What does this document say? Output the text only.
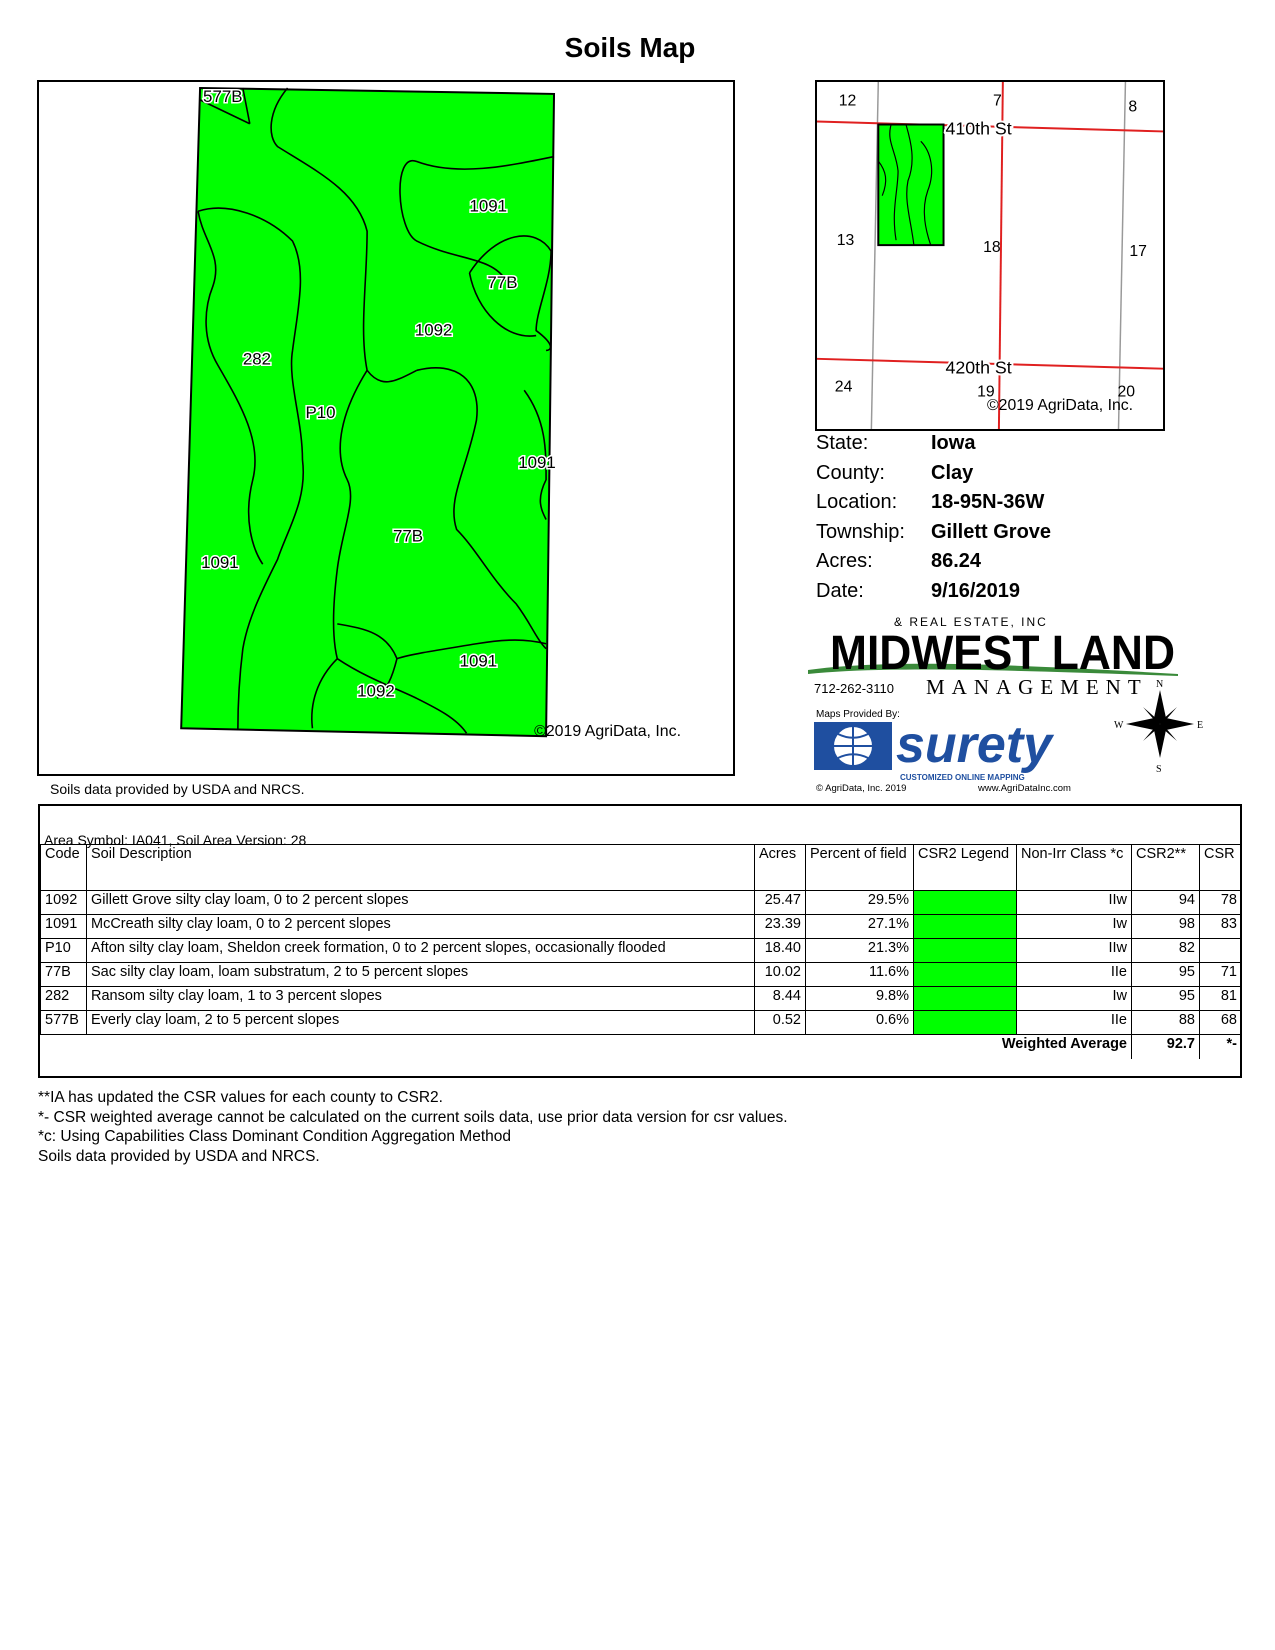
Soils Map
577B
1091
77B
1092
282
P10
1091
77B
1091
1091
1092
©2019 AgriData, Inc.
Soils data provided by USDA and NRCS.
12	7	8
13	18	17
24	19	20
410th St
420th St
©2019 AgriData, Inc.
State:	Iowa
County:	Clay
Location:	18-95N-36W
Township:	Gillett Grove
Acres:	86.24
Date:	9/16/2019
& REAL ESTATE, INC
MIDWEST LAND
712-262-3110 MANAGEMENT
Maps Provided By:
surety
CUSTOMIZED ONLINE MAPPING
© AgriData, Inc. 2019	www.AgriDataInc.com
N
S
W	E
Area Symbol: IA041, Soil Area Version: 28
Code	Soil Description	Acres	Percent of field	CSR2 Legend	Non-Irr Class *c	CSR2**	CSR
1092	Gillett Grove silty clay loam, 0 to 2 percent slopes	25.47	29.5%		IIw	94	78
1091	McCreath silty clay loam, 0 to 2 percent slopes	23.39	27.1%		Iw	98	83
P10	Afton silty clay loam, Sheldon creek formation, 0 to 2 percent slopes, occasionally flooded	18.40	21.3%		IIw	82	
77B	Sac silty clay loam, loam substratum, 2 to 5 percent slopes	10.02	11.6%		IIe	95	71
282	Ransom silty clay loam, 1 to 3 percent slopes	8.44	9.8%		Iw	95	81
577B	Everly clay loam, 2 to 5 percent slopes	0.52	0.6%		IIe	88	68
Weighted Average						92.7	*-
**IA has updated the CSR values for each county to CSR2.
*- CSR weighted average cannot be calculated on the current soils data, use prior data version for csr values.
*c: Using Capabilities Class Dominant Condition Aggregation Method
Soils data provided by USDA and NRCS.
